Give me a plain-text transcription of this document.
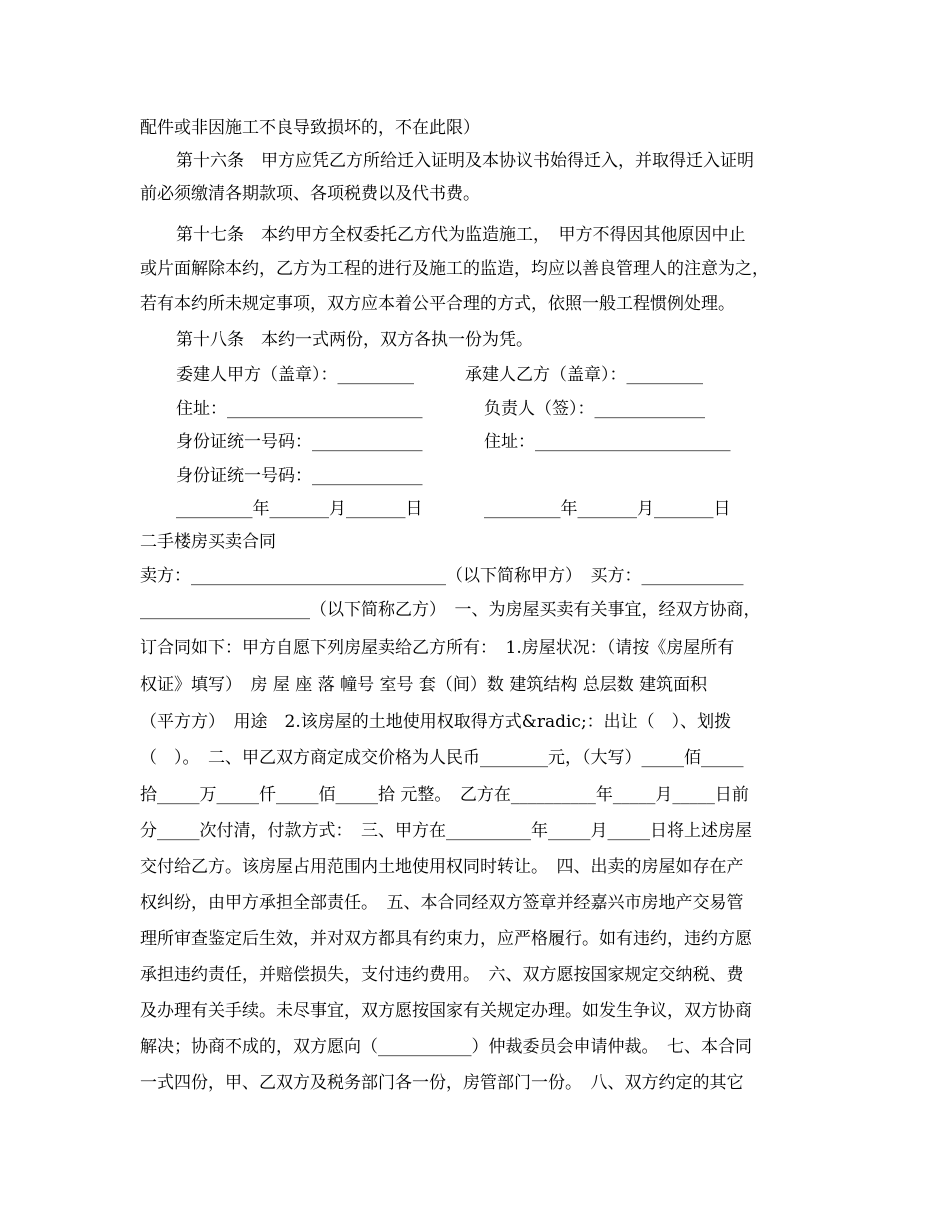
配件或非因施工不良导致损坏的，不在此限）
第十六条　甲方应凭乙方所给迁入证明及本协议书始得迁入，并取得迁入证明
前必须缴清各期款项、各项税费以及代书费。
第十七条　本约甲方全权委托乙方代为监造施工，　甲方不得因其他原因中止
或片面解除本约，乙方为工程的进行及施工的监造，均应以善良管理人的注意为之，
若有本约所未规定事项，双方应本着公平合理的方式，依照一般工程惯例处理。
第十八条　本约一式两份，双方各执一份为凭。
委建人甲方（盖章）：_________	承建人乙方（盖章）：_________
住址：_______________________	负责人（签）：_____________
身份证统一号码：_____________	住址：_______________________
身份证统一号码：_____________
_________年_______月_______日	_________年_______月_______日
二手楼房买卖合同
卖方：______________________________（以下简称甲方）　买方：____________
____________________（以下简称乙方）　一、为房屋买卖有关事宜，经双方协商，
订合同如下：甲方自愿下列房屋卖给乙方所有：　1.房屋状况：（请按《房屋所有
权证》填写）　房 屋 座 落 幢号 室号 套（间）数 建筑结构 总层数 建筑面积
（平方方）　用途　2.该房屋的土地使用权取得方式&radic;：出让（　）、划拨
（　）。　二、甲乙双方商定成交价格为人民币________元，（大写）_____佰_____
拾_____万_____仟_____佰_____拾 元整。　乙方在__________年_____月_____日前
分_____次付清，付款方式：　三、甲方在__________年_____月_____日将上述房屋
交付给乙方。该房屋占用范围内土地使用权同时转让。　四、出卖的房屋如存在产
权纠纷，由甲方承担全部责任。　五、本合同经双方签章并经嘉兴市房地产交易管
理所审查鉴定后生效，并对双方都具有约束力，应严格履行。如有违约，违约方愿
承担违约责任，并赔偿损失，支付违约费用。　六、双方愿按国家规定交纳税、费
及办理有关手续。未尽事宜，双方愿按国家有关规定办理。如发生争议，双方协商
解决；协商不成的，双方愿向（___________）仲裁委员会申请仲裁。　七、本合同
一式四份，甲、乙双方及税务部门各一份，房管部门一份。　八、双方约定的其它
